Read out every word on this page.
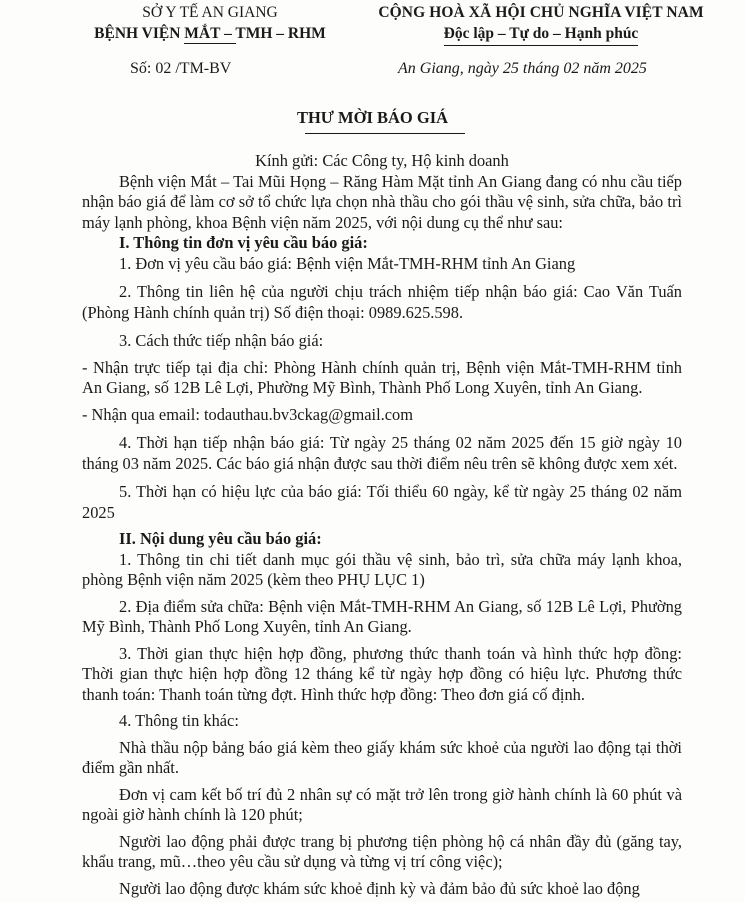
SỞ Y TẾ AN GIANG
BỆNH VIỆN MẮT – TMH – RHM
CỘNG HOÀ XÃ HỘI CHỦ NGHĨA VIỆT NAM
Độc lập – Tự do – Hạnh phúc
Số: 02 /TM-BV	An Giang, ngày 25 tháng 02 năm 2025
THƯ MỜI BÁO GIÁ

Kính gửi: Các Công ty, Hộ kinh doanh

Bệnh viện Mắt – Tai Mũi Họng – Răng Hàm Mặt tỉnh An Giang đang có nhu cầu tiếp nhận báo giá để làm cơ sở tổ chức lựa chọn nhà thầu cho gói thầu vệ sinh, sửa chữa, bảo trì máy lạnh phòng, khoa Bệnh viện năm 2025, với nội dung cụ thể như sau:

I. Thông tin đơn vị yêu cầu báo giá:

1. Đơn vị yêu cầu báo giá: Bệnh viện Mắt-TMH-RHM tỉnh An Giang

2. Thông tin liên hệ của người chịu trách nhiệm tiếp nhận báo giá: Cao Văn Tuấn (Phòng Hành chính quản trị) Số điện thoại: 0989.625.598.

3. Cách thức tiếp nhận báo giá:

- Nhận trực tiếp tại địa chỉ: Phòng Hành chính quản trị, Bệnh viện Mắt-TMH-RHM tỉnh An Giang, số 12B Lê Lợi, Phường Mỹ Bình, Thành Phố Long Xuyên, tỉnh An Giang.

- Nhận qua email: todauthau.bv3ckag@gmail.com

4. Thời hạn tiếp nhận báo giá: Từ ngày 25 tháng 02 năm 2025 đến 15 giờ ngày 10 tháng 03 năm 2025. Các báo giá nhận được sau thời điểm nêu trên sẽ không được xem xét.

5. Thời hạn có hiệu lực của báo giá: Tối thiểu 60 ngày, kể từ ngày 25 tháng 02 năm 2025

II. Nội dung yêu cầu báo giá:

1. Thông tin chi tiết danh mục gói thầu vệ sinh, bảo trì, sửa chữa máy lạnh khoa, phòng Bệnh viện năm 2025 (kèm theo PHỤ LỤC 1)

2. Địa điểm sửa chữa: Bệnh viện Mắt-TMH-RHM An Giang, số 12B Lê Lợi, Phường Mỹ Bình, Thành Phố Long Xuyên, tỉnh An Giang.

3. Thời gian thực hiện hợp đồng, phương thức thanh toán và hình thức hợp đồng: Thời gian thực hiện hợp đồng 12 tháng kể từ ngày hợp đồng có hiệu lực. Phương thức thanh toán: Thanh toán từng đợt. Hình thức hợp đồng: Theo đơn giá cố định.

4. Thông tin khác:

Nhà thầu nộp bảng báo giá kèm theo giấy khám sức khoẻ của người lao động tại thời điểm gần nhất.

Đơn vị cam kết bố trí đủ 2 nhân sự có mặt trở lên trong giờ hành chính là 60 phút và ngoài giờ hành chính là 120 phút;

Người lao động phải được trang bị phương tiện phòng hộ cá nhân đầy đủ (găng tay, khẩu trang, mũ…theo yêu cầu sử dụng và từng vị trí công việc);

Người lao động được khám sức khoẻ định kỳ và đảm bảo đủ sức khoẻ lao động
